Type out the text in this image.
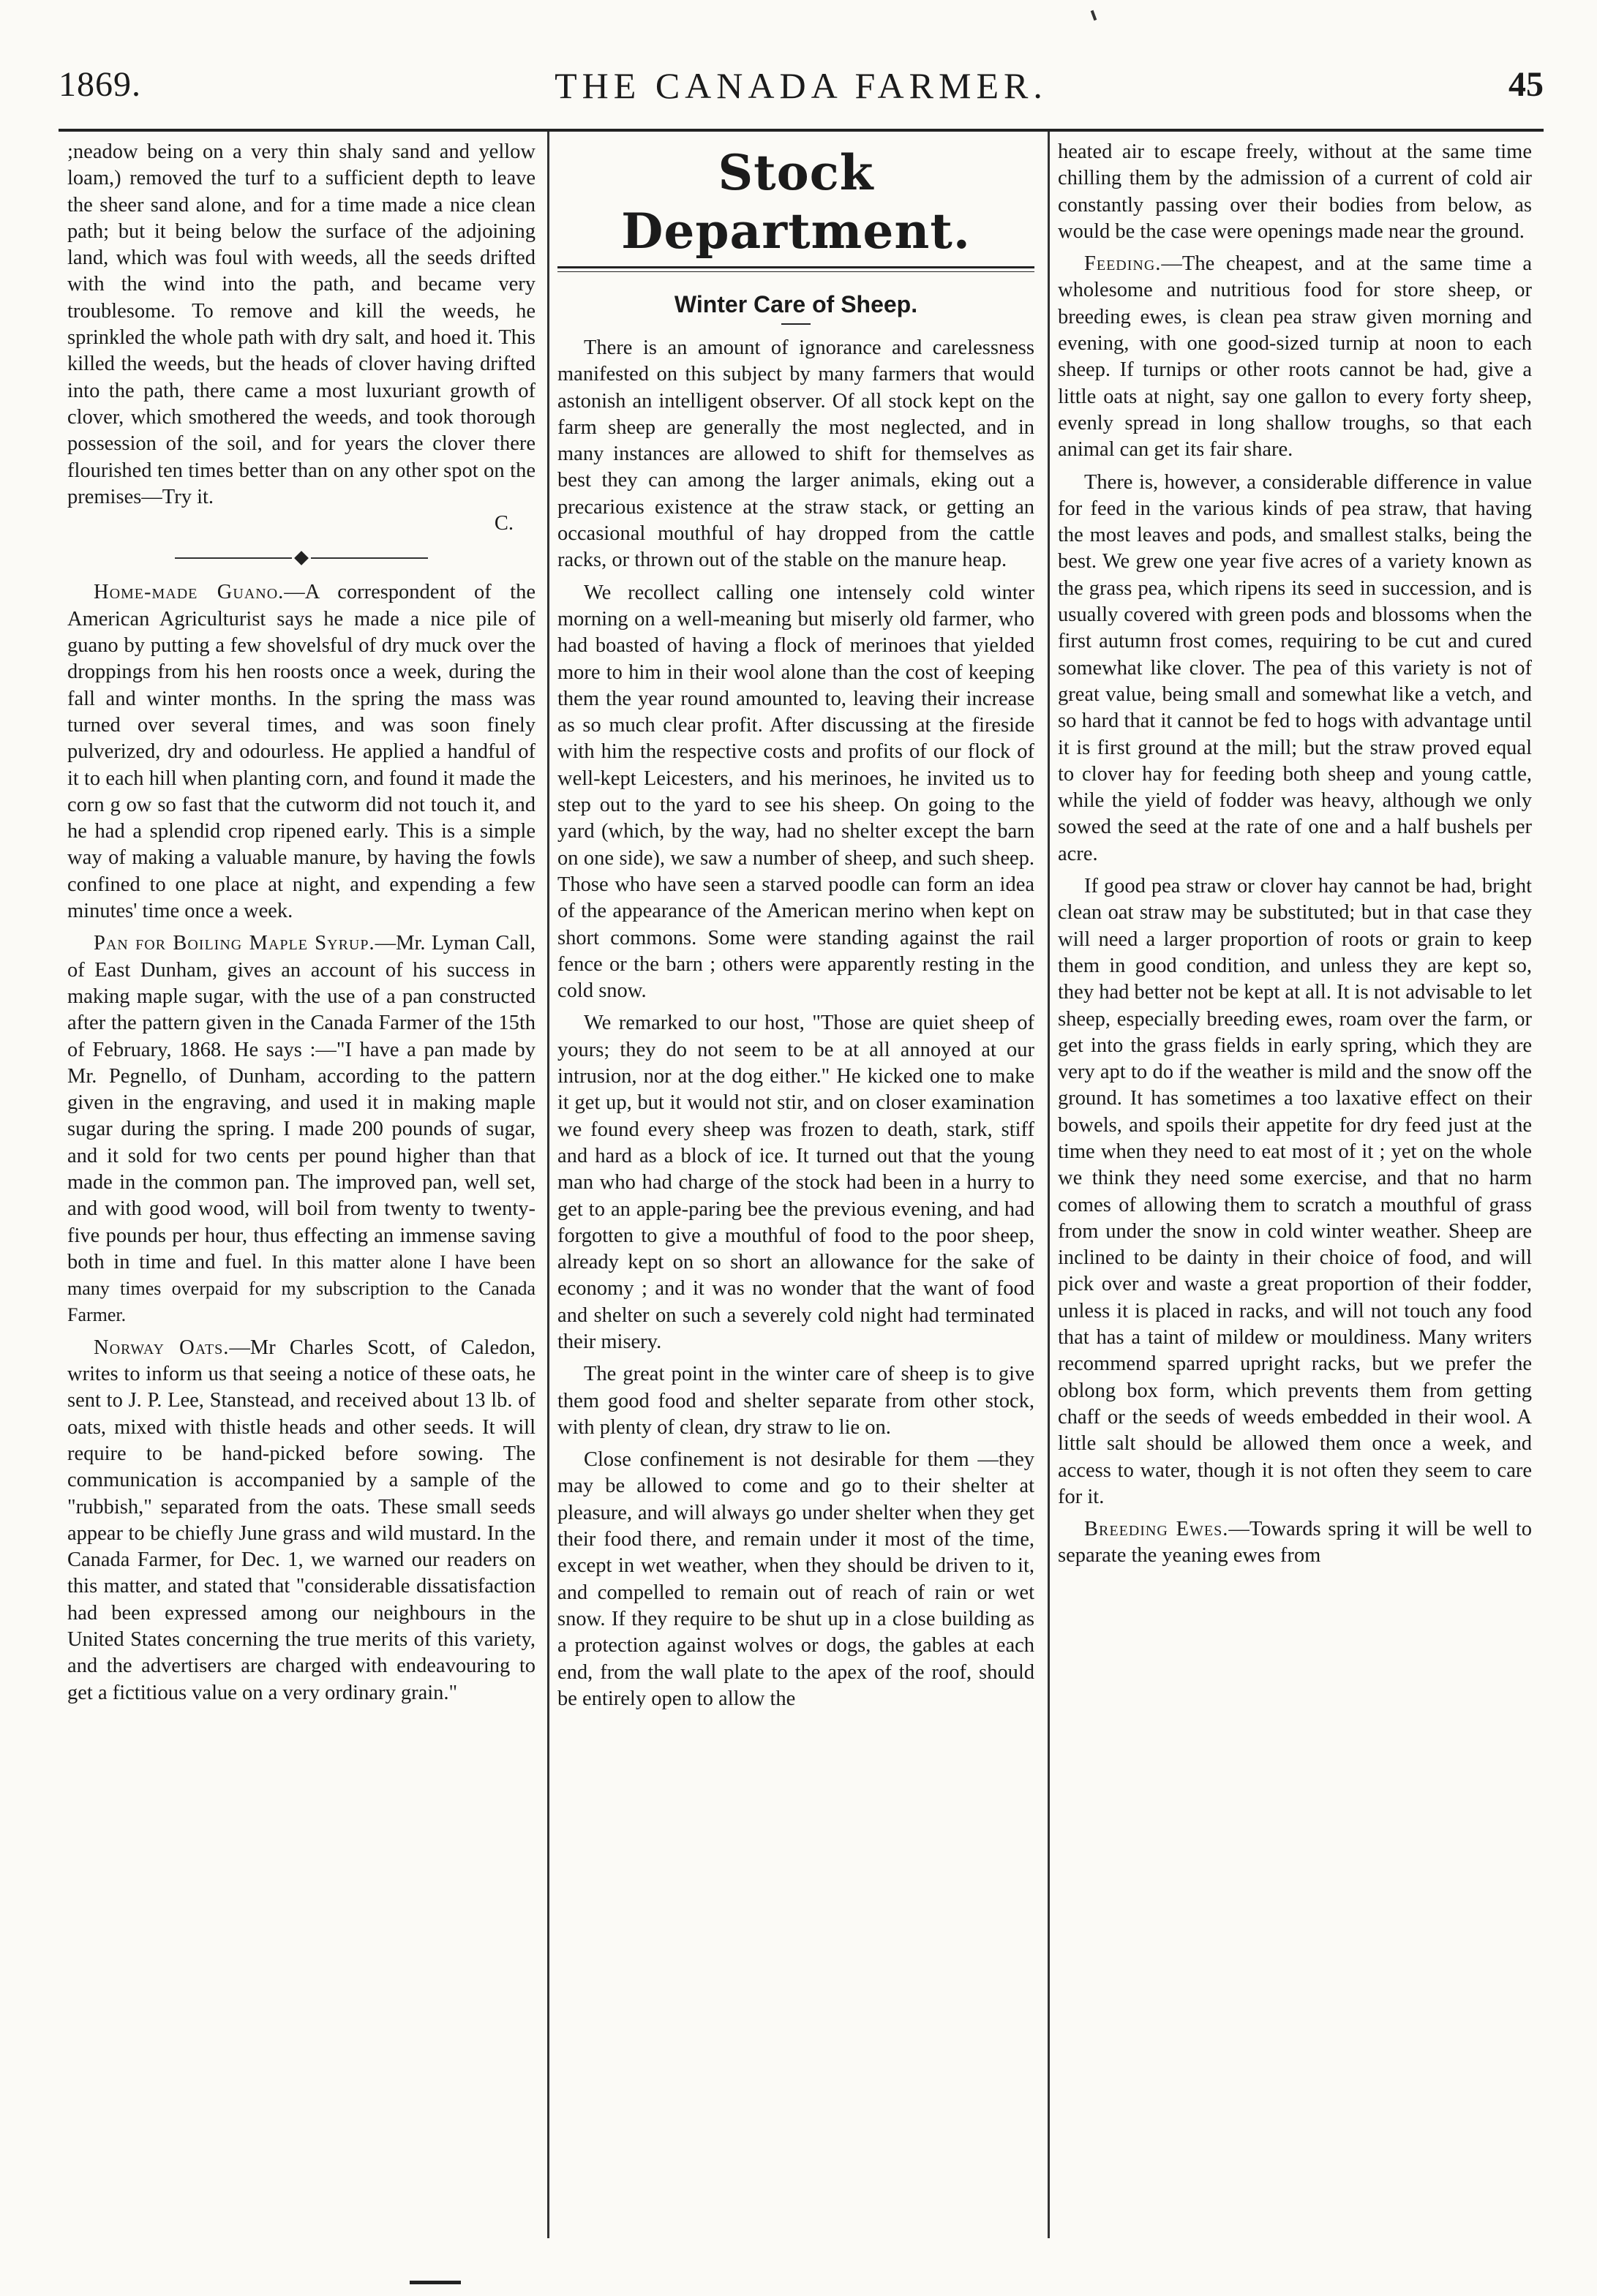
1869.	THE CANADA FARMER.	45

;neadow being on a very thin shaly sand and yellow loam,) removed the turf to a sufficient depth to leave the sheer sand alone, and for a time made a nice clean path; but it being below the surface of the adjoining land, which was foul with weeds, all the seeds drifted with the wind into the path, and became very troublesome. To remove and kill the weeds, he sprinkled the whole path with dry salt, and hoed it. This killed the weeds, but the heads of clover having drifted into the path, there came a most luxuriant growth of clover, which smothered the weeds, and took thorough possession of the soil, and for years the clover there flourished ten times better than on any other spot on the premises—Try it.

C.

Home-made Guano.—A correspondent of the American Agriculturist says he made a nice pile of guano by putting a few shovelsful of dry muck over the droppings from his hen roosts once a week, during the fall and winter months. In the spring the mass was turned over several times, and was soon finely pulverized, dry and odourless. He applied a handful of it to each hill when planting corn, and found it made the corn g ow so fast that the cutworm did not touch it, and he had a splendid crop ripened early. This is a simple way of making a valuable manure, by having the fowls confined to one place at night, and expending a few minutes' time once a week.

Pan for Boiling Maple Syrup.—Mr. Lyman Call, of East Dunham, gives an account of his success in making maple sugar, with the use of a pan constructed after the pattern given in the Canada Farmer of the 15th of February, 1868. He says :—"I have a pan made by Mr. Pegnello, of Dunham, according to the pattern given in the engraving, and used it in making maple sugar during the spring. I made 200 pounds of sugar, and it sold for two cents per pound higher than that made in the common pan. The improved pan, well set, and with good wood, will boil from twenty to twenty-five pounds per hour, thus effecting an immense saving both in time and fuel. In this matter alone I have been many times overpaid for my subscription to the Canada Farmer.

Norway Oats.—Mr Charles Scott, of Caledon, writes to inform us that seeing a notice of these oats, he sent to J. P. Lee, Stanstead, and received about 13 lb. of oats, mixed with thistle heads and other seeds. It will require to be hand-picked before sowing. The communication is accompanied by a sample of the "rubbish," separated from the oats. These small seeds appear to be chiefly June grass and wild mustard. In the Canada Farmer, for Dec. 1, we warned our readers on this matter, and stated that "considerable dissatisfaction had been expressed among our neighbours in the United States concerning the true merits of this variety, and the advertisers are charged with endeavouring to get a fictitious value on a very ordinary grain."

Stock Department.
Winter Care of Sheep.

There is an amount of ignorance and carelessness manifested on this subject by many farmers that would astonish an intelligent observer. Of all stock kept on the farm sheep are generally the most neglected, and in many instances are allowed to shift for themselves as best they can among the larger animals, eking out a precarious existence at the straw stack, or getting an occasional mouthful of hay dropped from the cattle racks, or thrown out of the stable on the manure heap.

We recollect calling one intensely cold winter morning on a well-meaning but miserly old farmer, who had boasted of having a flock of merinoes that yielded more to him in their wool alone than the cost of keeping them the year round amounted to, leaving their increase as so much clear profit. After discussing at the fireside with him the respective costs and profits of our flock of well-kept Leicesters, and his merinoes, he invited us to step out to the yard to see his sheep. On going to the yard (which, by the way, had no shelter except the barn on one side), we saw a number of sheep, and such sheep. Those who have seen a starved poodle can form an idea of the appearance of the American merino when kept on short commons. Some were standing against the rail fence or the barn ; others were apparently resting in the cold snow.

We remarked to our host, "Those are quiet sheep of yours; they do not seem to be at all annoyed at our intrusion, nor at the dog either." He kicked one to make it get up, but it would not stir, and on closer examination we found every sheep was frozen to death, stark, stiff and hard as a block of ice. It turned out that the young man who had charge of the stock had been in a hurry to get to an apple-paring bee the previous evening, and had forgotten to give a mouthful of food to the poor sheep, already kept on so short an allowance for the sake of economy ; and it was no wonder that the want of food and shelter on such a severely cold night had terminated their misery.

The great point in the winter care of sheep is to give them good food and shelter separate from other stock, with plenty of clean, dry straw to lie on.

Close confinement is not desirable for them —they may be allowed to come and go to their shelter at pleasure, and will always go under shelter when they get their food there, and remain under it most of the time, except in wet weather, when they should be driven to it, and compelled to remain out of reach of rain or wet snow. If they require to be shut up in a close building as a protection against wolves or dogs, the gables at each end, from the wall plate to the apex of the roof, should be entirely open to allow the

heated air to escape freely, without at the same time chilling them by the admission of a current of cold air constantly passing over their bodies from below, as would be the case were openings made near the ground.

Feeding.—The cheapest, and at the same time a wholesome and nutritious food for store sheep, or breeding ewes, is clean pea straw given morning and evening, with one good-sized turnip at noon to each sheep. If turnips or other roots cannot be had, give a little oats at night, say one gallon to every forty sheep, evenly spread in long shallow troughs, so that each animal can get its fair share.

There is, however, a considerable difference in value for feed in the various kinds of pea straw, that having the most leaves and pods, and smallest stalks, being the best. We grew one year five acres of a variety known as the grass pea, which ripens its seed in succession, and is usually covered with green pods and blossoms when the first autumn frost comes, requiring to be cut and cured somewhat like clover. The pea of this variety is not of great value, being small and somewhat like a vetch, and so hard that it cannot be fed to hogs with advantage until it is first ground at the mill; but the straw proved equal to clover hay for feeding both sheep and young cattle, while the yield of fodder was heavy, although we only sowed the seed at the rate of one and a half bushels per acre.

If good pea straw or clover hay cannot be had, bright clean oat straw may be substituted; but in that case they will need a larger proportion of roots or grain to keep them in good condition, and unless they are kept so, they had better not be kept at all. It is not advisable to let sheep, especially breeding ewes, roam over the farm, or get into the grass fields in early spring, which they are very apt to do if the weather is mild and the snow off the ground. It has sometimes a too laxative effect on their bowels, and spoils their appetite for dry feed just at the time when they need to eat most of it ; yet on the whole we think they need some exercise, and that no harm comes of allowing them to scratch a mouthful of grass from under the snow in cold winter weather. Sheep are inclined to be dainty in their choice of food, and will pick over and waste a great proportion of their fodder, unless it is placed in racks, and will not touch any food that has a taint of mildew or mouldiness. Many writers recommend sparred upright racks, but we prefer the oblong box form, which prevents them from getting chaff or the seeds of weeds embedded in their wool. A little salt should be allowed them once a week, and access to water, though it is not often they seem to care for it.

Breeding Ewes.—Towards spring it will be well to separate the yeaning ewes from
